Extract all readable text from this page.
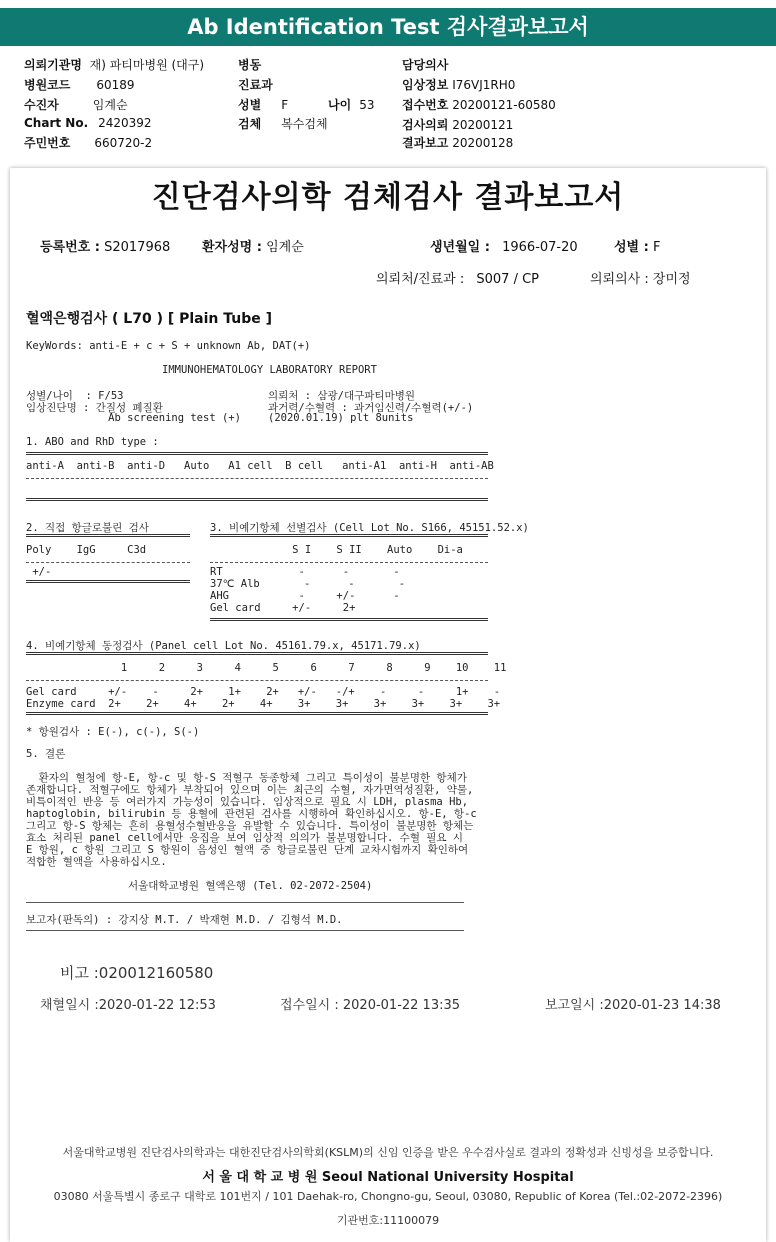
Ab Identification Test 검사결과보고서
의뢰기관명 재) 파티마병원 (대구)
병원코드 60189
수진자	임계순
Chart No. 2420392
주민번호 660720-2
병동
진료과
성별 F	나이 53
검체 복수검체
담당의사
임상정보 I76VJ1RH0
접수번호 20200121-60580
검사의뢰 20200121
결과보고 20200128
진단검사의학 검체검사 결과보고서
등록번호 : S2017968 환자성명 : 임계순	생년월일 : 1966-07-20	성별 : F
의뢰처/진료과 : S007 / CP	의뢰의사 : 장미정
혈액은행검사 ( L70 ) [ Plain Tube ]
KeyWords: anti-E + c + S + unknown Ab, DAT(+)
IMMUNOHEMATOLOGY LABORATORY REPORT
성별/나이  : F/53
임상진단명 : 간질성 폐질환
Ab screening test (+)
의뢰처 : 삼광/대구파티마병원
과거력/수혈력 : 과거임신력/수혈력(+/-)
(2020.01.19) plt 8units
1. ABO and RhD type :
anti-A  anti-B  anti-D   Auto   A1 cell  B cell   anti-A1  anti-H  anti-AB
2. 직접 항글로불린 검사
Poly    IgG     C3d
+/-
3. 비예기항체 선별검사 (Cell Lot No. S166, 45151.52.x)
S I    S II    Auto    Di-a
RT            -      -       -
37℃ Alb       -      -       -
AHG           -     +/-      -
Gel card     +/-     2+
4. 비예기항체 동정검사 (Panel cell Lot No. 45161.79.x, 45171.79.x)
1     2     3     4     5     6     7     8     9    10    11
Gel card     +/-    -     2+    1+    2+   +/-   -/+    -     -     1+    -
Enzyme card  2+    2+    4+    2+    4+    3+    3+    3+    3+    3+    3+
* 항원검사 : E(-), c(-), S(-)
5. 결론
환자의 혈청에 항-E, 항-c 및 항-S 적혈구 동종항체 그리고 특이성이 불분명한 항체가
존재합니다. 적혈구에도 항체가 부착되어 있으며 이는 최근의 수혈, 자가면역성질환, 약물,
비특이적인 반응 등 여러가지 가능성이 있습니다. 임상적으로 필요 시 LDH, plasma Hb,
haptoglobin, bilirubin 등 용혈에 관련된 검사를 시행하여 확인하십시오. 항-E, 항-c
그리고 항-S 항체는 흔히 용혈성수혈반응을 유발할 수 있습니다. 특이성이 불분명한 항체는
효소 처리된 panel cell에서만 응집을 보여 임상적 의의가 불분명합니다. 수혈 필요 시
E 항원, c 항원 그리고 S 항원이 음성인 혈액 중 항글로불린 단계 교차시험까지 확인하여
적합한 혈액을 사용하십시오.
서울대학교병원 혈액은행 (Tel. 02-2072-2504)
보고자(판독의) : 강지상 M.T. / 박재현 M.D. / 김형석 M.D.
비고 :020012160580
채혈일시 :2020-01-22 12:53	접수일시 : 2020-01-22 13:35	보고일시 :2020-01-23 14:38
서울대학교병원 진단검사의학과는 대한진단검사의학회(KSLM)의 신임 인증을 받은 우수검사실로 결과의 정확성과 신빙성을 보증합니다.
서 울 대 학 교 병 원 Seoul National University Hospital
03080 서울특별시 종로구 대학로 101번지 / 101 Daehak-ro, Chongno-gu, Seoul, 03080, Republic of Korea (Tel.:02-2072-2396)
기관번호:11100079
